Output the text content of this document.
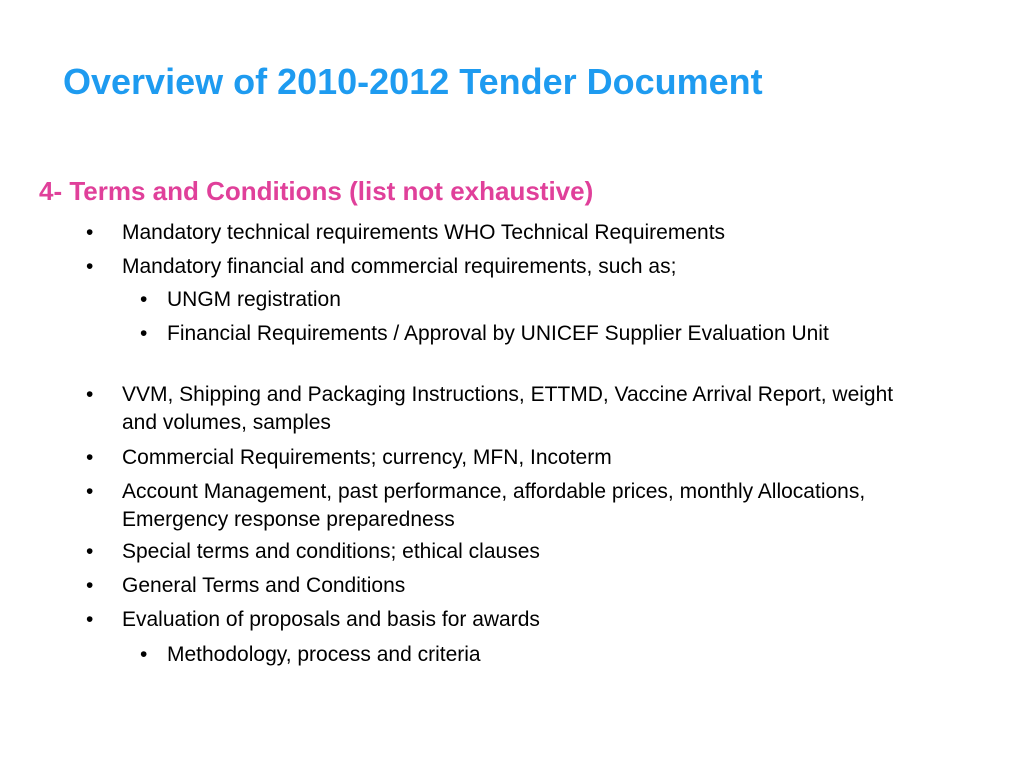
Overview of 2010-2012 Tender Document
4- Terms and Conditions (list not exhaustive)
•	Mandatory technical requirements WHO Technical Requirements
•	Mandatory financial and commercial requirements, such as;
• UNGM registration
• Financial Requirements / Approval by UNICEF Supplier Evaluation Unit
•	VVM, Shipping and Packaging Instructions, ETTMD, Vaccine Arrival Report, weight and volumes, samples
•	Commercial Requirements; currency, MFN, Incoterm
•	Account Management, past performance, affordable prices, monthly Allocations, Emergency response preparedness
•	Special terms and conditions; ethical clauses
•	General Terms and Conditions
•	Evaluation of proposals and basis for awards
• Methodology, process and criteria
